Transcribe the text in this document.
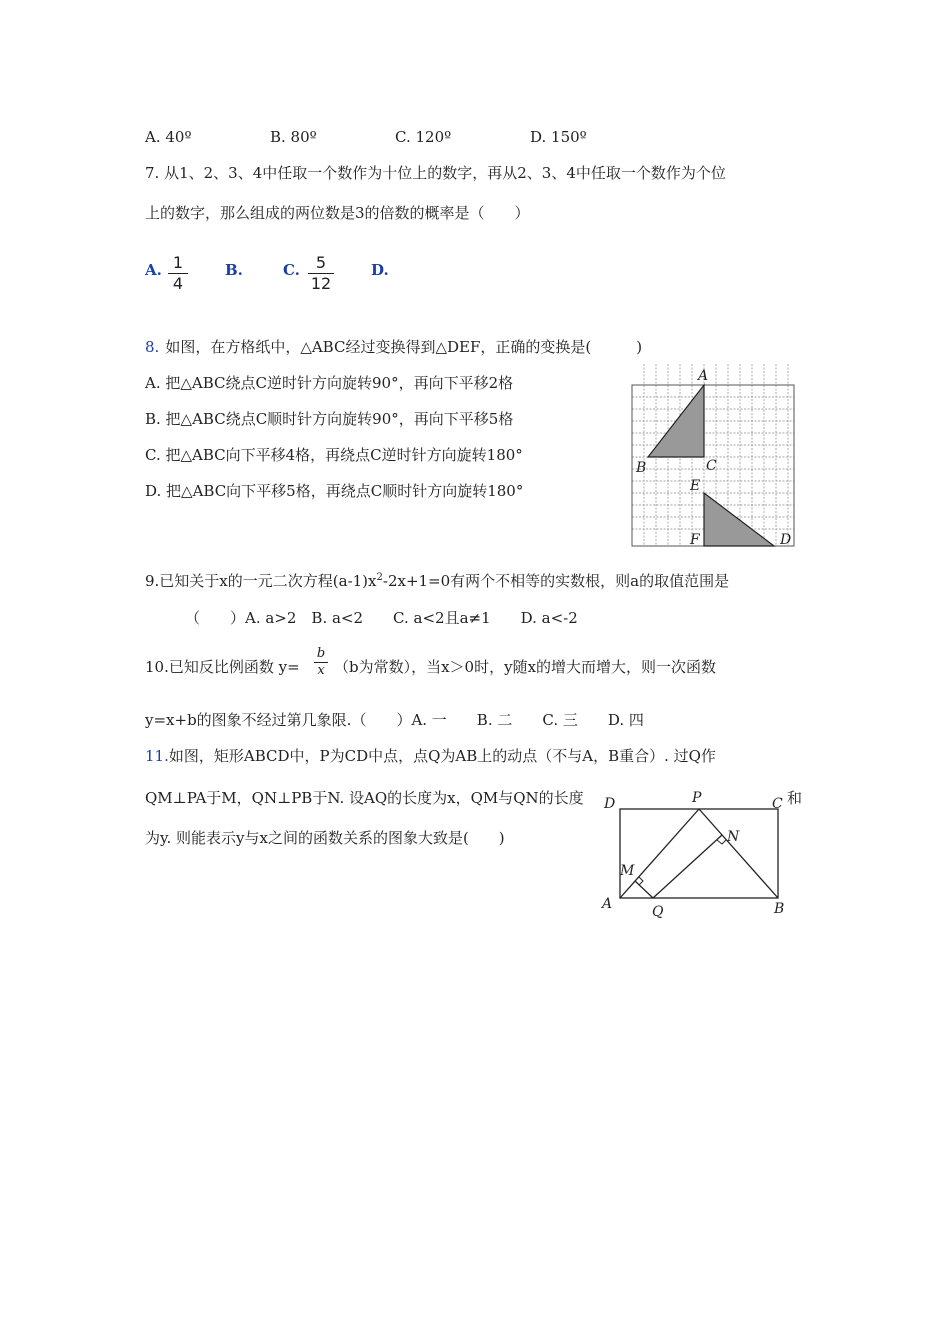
A. 40º	B. 80º	C. 120º	D. 150º
7. 从1、2、3、4中任取一个数作为十位上的数字，再从2、3、4中任取一个数作为个位
上的数字，那么组成的两位数是3的倍数的概率是（　　）
A. 1
4
B.	C.	5
12
D.
8. 如图，在方格纸中，△ABC经过变换得到△DEF，正确的变换是(　　　)
A. 把△ABC绕点C逆时针方向旋转90°，再向下平移2格
B. 把△ABC绕点C顺时针方向旋转90°，再向下平移5格
C. 把△ABC向下平移4格，再绕点C逆时针方向旋转180°
D. 把△ABC向下平移5格，再绕点C顺时针方向旋转180°
A
B	C
E
F	D
9.已知关于x的一元二次方程$(a-1)x^2-2x+1=0$有两个不相等的实数根，则a的取值范围是
（　　）A. a>2　B. a<2　　C. a<2且a≠1　　D. a<-2
10.已知反比例函数 y=
b
x （b为常数），当x＞0时，y随x的增大而增大，则一次函数
y=x+b的图象不经过第几象限.（　　）A. 一　　B. 二　　C. 三　　D. 四
11.如图，矩形ABCD中，P为CD中点，点Q为AB上的动点（不与A，B重合）. 过Q作
QM⊥PA于M，QN⊥PB于N. 设AQ的长度为x，QM与QN的长度	和
为y. 则能表示y与x之间的函数关系的图象大致是(　　)
D	P	C
N
M
A	Q	B
